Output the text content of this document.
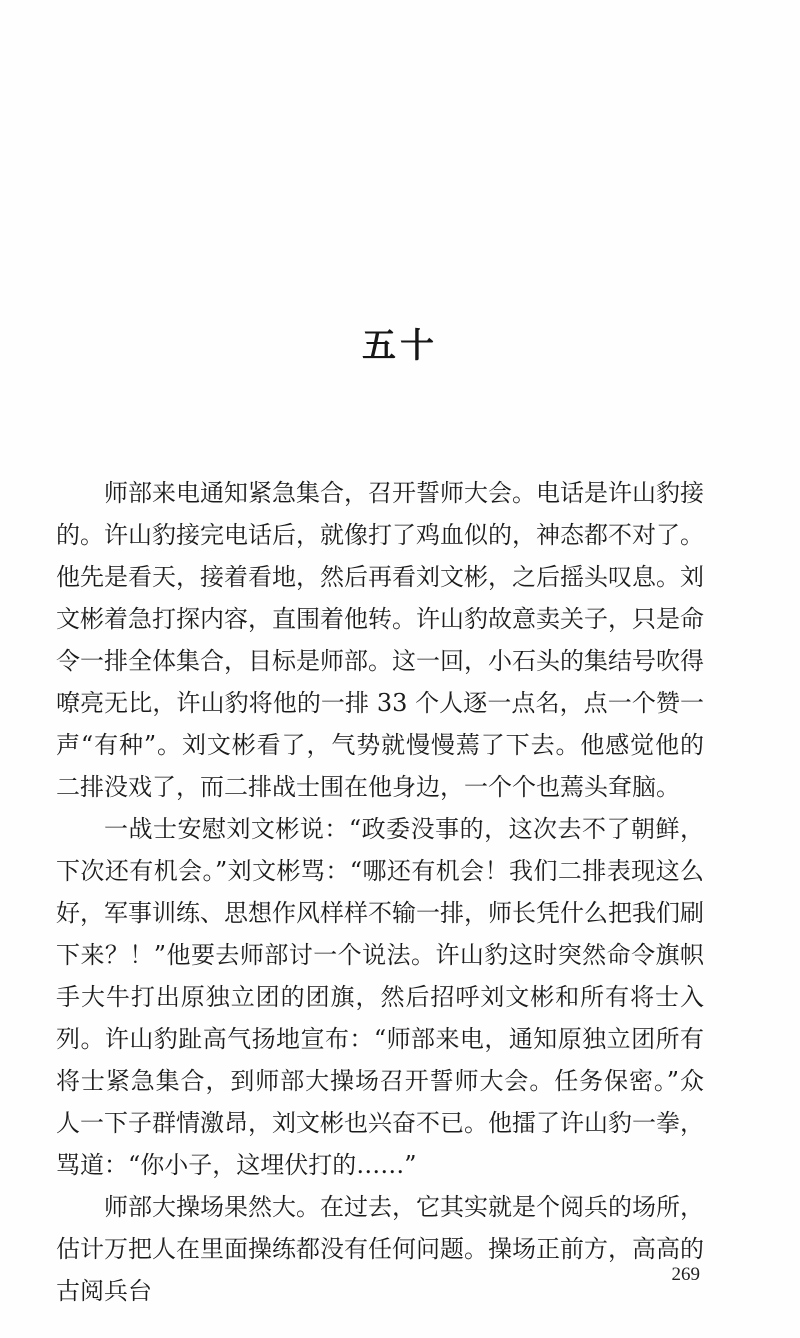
五十

师部来电通知紧急集合，召开誓师大会。电话是许山豹接的。许山豹接完电话后，就像打了鸡血似的，神态都不对了。他先是看天，接着看地，然后再看刘文彬，之后摇头叹息。刘文彬着急打探内容，直围着他转。许山豹故意卖关子，只是命令一排全体集合，目标是师部。这一回，小石头的集结号吹得嘹亮无比，许山豹将他的一排 33 个人逐一点名，点一个赞一声“有种”。刘文彬看了，气势就慢慢蔫了下去。他感觉他的二排没戏了，而二排战士围在他身边，一个个也蔫头耷脑。

一战士安慰刘文彬说：“政委没事的，这次去不了朝鲜，下次还有机会。”刘文彬骂：“哪还有机会！我们二排表现这么好，军事训练、思想作风样样不输一排，师长凭什么把我们刷下来？！”他要去师部讨一个说法。许山豹这时突然命令旗帜手大牛打出原独立团的团旗，然后招呼刘文彬和所有将士入列。许山豹趾高气扬地宣布：“师部来电，通知原独立团所有将士紧急集合，到师部大操场召开誓师大会。任务保密。”众人一下子群情激昂，刘文彬也兴奋不已。他擂了许山豹一拳，骂道：“你小子，这埋伏打的……”

师部大操场果然大。在过去，它其实就是个阅兵的场所，估计万把人在里面操练都没有任何问题。操场正前方，高高的古阅兵台

269
